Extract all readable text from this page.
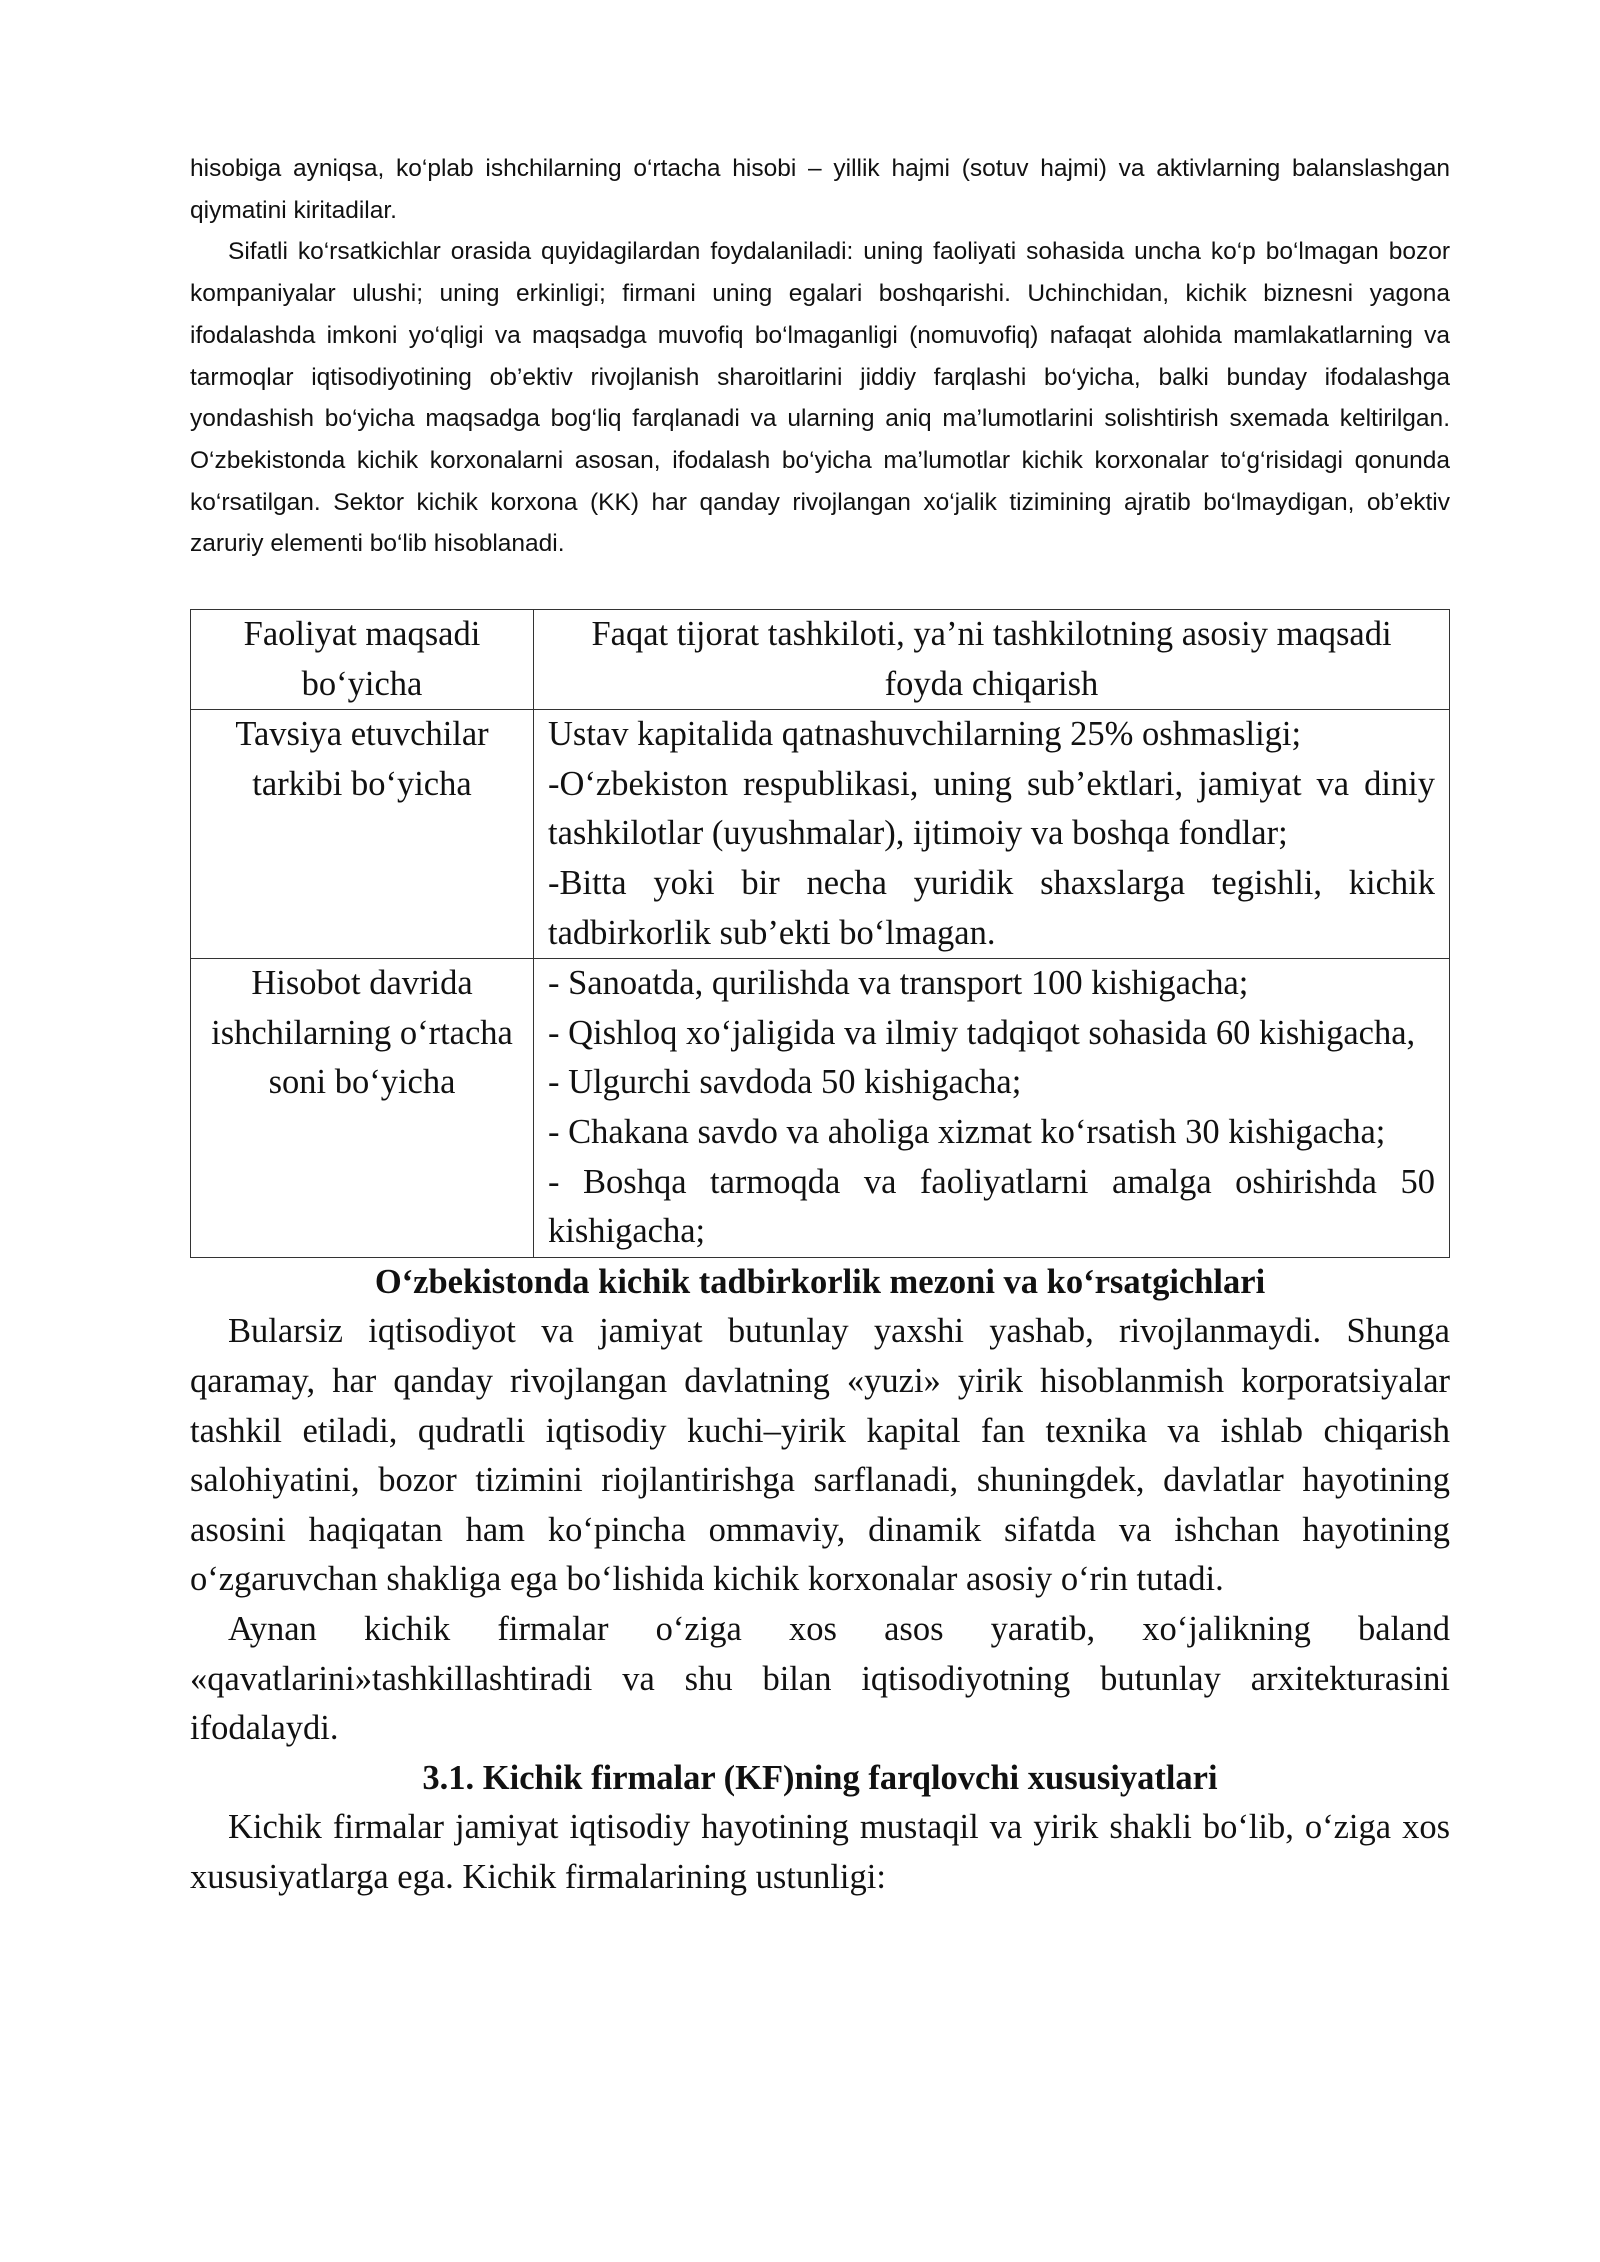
hisobiga ayniqsa, ko‘plab ishchilarning o‘rtacha hisobi – yillik hajmi (sotuv hajmi) va aktivlarning balanslashgan qiymatini kiritadilar.

Sifatli ko‘rsatkichlar orasida quyidagilardan foydalaniladi: uning faoliyati sohasida uncha ko‘p bo‘lmagan bozor kompaniyalar ulushi; uning erkinligi; firmani uning egalari boshqarishi. Uchinchidan, kichik biznesni yagona ifodalashda imkoni yo‘qligi va maqsadga muvofiq bo‘lmaganligi (nomuvofiq) nafaqat alohida mamlakatlarning va tarmoqlar iqtisodiyotining ob’ektiv rivojlanish sharoitlarini jiddiy farqlashi bo‘yicha, balki bunday ifodalashga yondashish bo‘yicha maqsadga bog‘liq farqlanadi va ularning aniq ma’lumotlarini solishtirish sxemada keltirilgan. O‘zbekistonda kichik korxonalarni asosan, ifodalash bo‘yicha ma’lumotlar kichik korxonalar to‘g‘risidagi qonunda ko‘rsatilgan. Sektor kichik korxona (KK) har qanday rivojlangan xo‘jalik tizimining ajratib bo‘lmaydigan, ob’ektiv zaruriy elementi bo‘lib hisoblanadi.

Faoliyat maqsadi bo‘yicha	Faqat tijorat tashkiloti, ya’ni tashkilotning asosiy maqsadi foyda chiqarish

Tavsiya etuvchilar tarkibi bo‘yicha	Ustav kapitalida qatnashuvchilarning 25% oshmasligi;
-O‘zbekiston respublikasi, uning sub’ektlari, jamiyat va diniy tashkilotlar (uyushmalar), ijtimoiy va boshqa fondlar;
-Bitta yoki bir necha yuridik shaxslarga tegishli, kichik tadbirkorlik sub’ekti bo‘lmagan.

Hisobot davrida ishchilarning o‘rtacha soni bo‘yicha	- Sanoatda, qurilishda va transport 100 kishigacha;
- Qishloq xo‘jaligida va ilmiy tadqiqot sohasida 60 kishigacha,
- Ulgurchi savdoda 50 kishigacha;
- Chakana savdo va aholiga xizmat ko‘rsatish 30 kishigacha;
- Boshqa tarmoqda va faoliyatlarni amalga oshirishda 50 kishigacha;

O‘zbekistonda kichik tadbirkorlik mezoni va ko‘rsatgichlari

Bularsiz iqtisodiyot va jamiyat butunlay yaxshi yashab, rivojlanmaydi. Shunga qaramay, har qanday rivojlangan davlatning «yuzi» yirik hisoblanmish korporatsiyalar tashkil etiladi, qudratli iqtisodiy kuchi–yirik kapital fan texnika va ishlab chiqarish salohiyatini, bozor tizimini riojlantirishga sarflanadi, shuningdek, davlatlar hayotining asosini haqiqatan ham ko‘pincha ommaviy, dinamik sifatda va ishchan hayotining o‘zgaruvchan shakliga ega bo‘lishida kichik korxonalar asosiy o‘rin tutadi.

Aynan kichik firmalar o‘ziga xos asos yaratib, xo‘jalikning baland «qavatlarini»tashkillashtiradi va shu bilan iqtisodiyotning butunlay arxitekturasini ifodalaydi.

3.1. Kichik firmalar (KF)ning farqlovchi xususiyatlari

Kichik firmalar jamiyat iqtisodiy hayotining mustaqil va yirik shakli bo‘lib, o‘ziga xos xususiyatlarga ega. Kichik firmalarining ustunligi:
